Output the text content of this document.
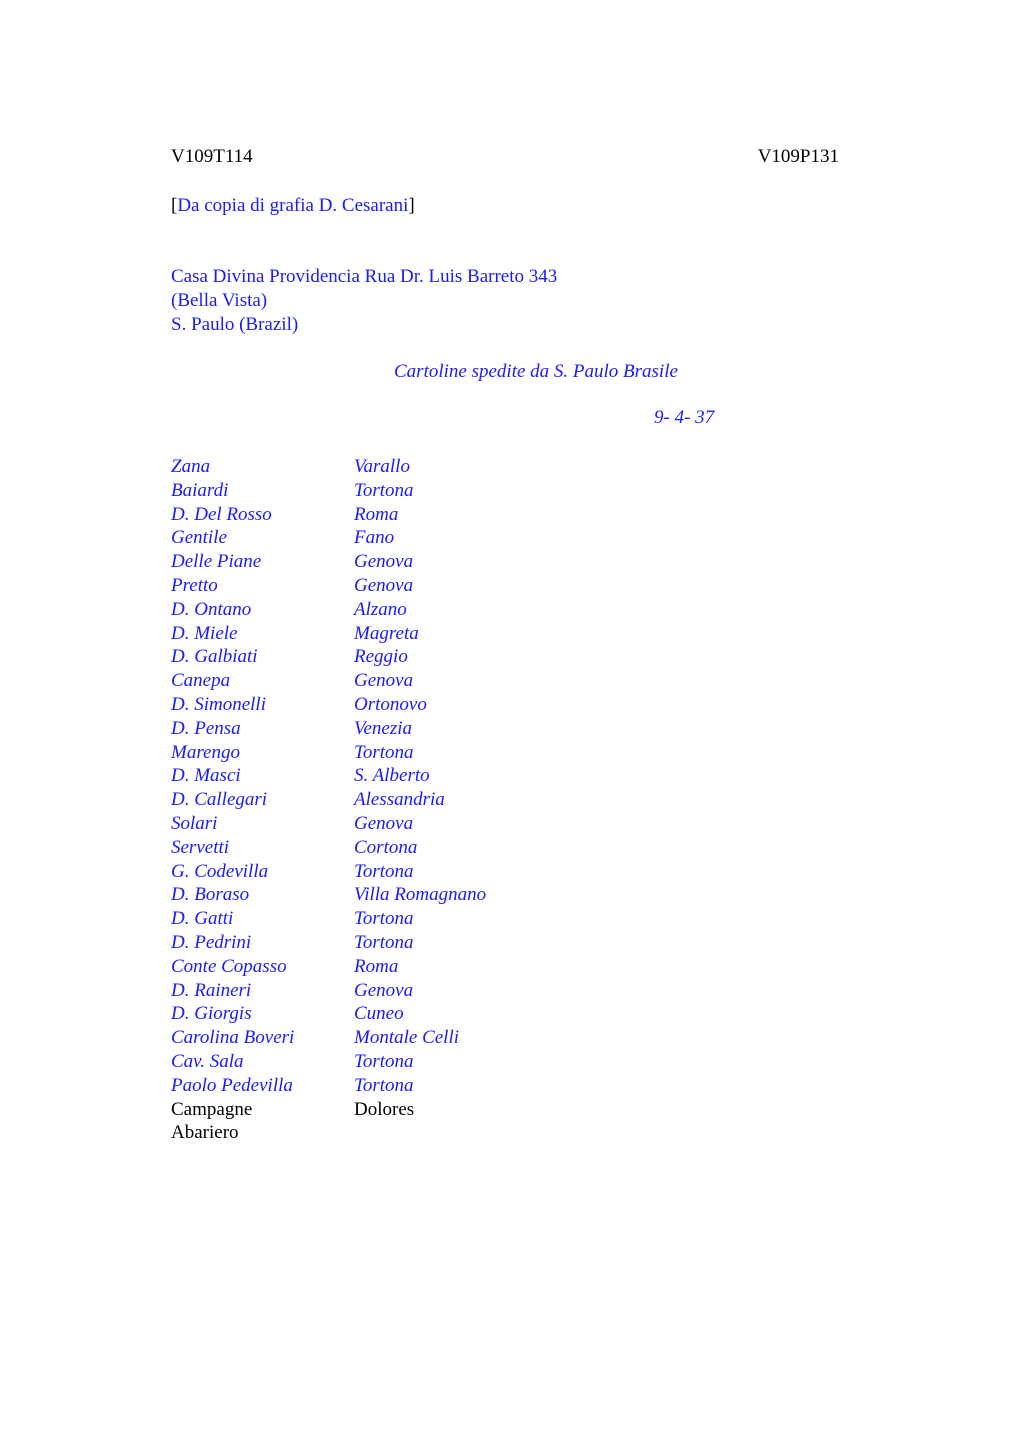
V109T114	V109P131
[Da copia di grafia D. Cesarani]
Casa Divina Providencia Rua Dr. Luis Barreto 343
(Bella Vista)
S. Paulo (Brazil)
Cartoline spedite da S. Paulo Brasile
9- 4- 37
Zana	Varallo
Baiardi	Tortona
D. Del Rosso	Roma
Gentile	Fano
Delle Piane	Genova
Pretto	Genova
D. Ontano	Alzano
D. Miele	Magreta
D. Galbiati	Reggio
Canepa	Genova
D. Simonelli	Ortonovo
D. Pensa	Venezia
Marengo	Tortona
D. Masci	S. Alberto
D. Callegari	Alessandria
Solari	Genova
Servetti	Cortona
G. Codevilla	Tortona
D. Boraso	Villa Romagnano
D. Gatti	Tortona
D. Pedrini	Tortona
Conte Copasso	Roma
D. Raineri	Genova
D. Giorgis	Cuneo
Carolina Boveri	Montale Celli
Cav. Sala	Tortona
Paolo Pedevilla	Tortona
Campagne	Dolores
Abariero
